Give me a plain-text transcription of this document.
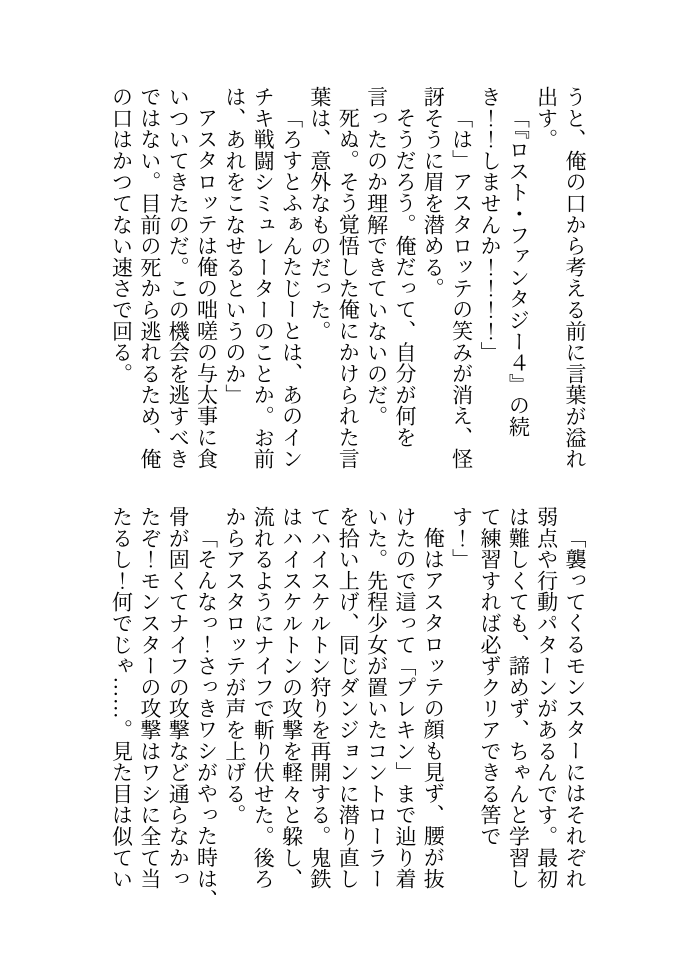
うと、俺の口から考える前に言葉が溢れ
出す。
「『ロスト・ファンタジー４』の続
き！！しませんか！！！！」
「は」アスタロッテの笑みが消え、怪
訝そうに眉を潜める。
そうだろう。俺だって、自分が何を
言ったのか理解できていないのだ。
死ぬ。そう覚悟した俺にかけられた言
葉は、意外なものだった。
「ろすとふぁんたじーとは、あのイン
チキ戦闘シミュレーターのことか。お前
は、あれをこなせるというのか」
アスタロッテは俺の咄嗟の与太事に食
いついてきたのだ。この機会を逃すべき
ではない。目前の死から逃れるため、俺
の口はかつてない速さで回る。
「襲ってくるモンスターにはそれぞれ
弱点や行動パターンがあるんです。最初
は難しくても、諦めず、ちゃんと学習し
て練習すれば必ずクリアできる筈で
す！」
俺はアスタロッテの顔も見ず、腰が抜
けたので這って「プレキン」まで辿り着
いた。先程少女が置いたコントローラー
を拾い上げ、同じダンジョンに潜り直し
てハイスケルトン狩りを再開する。鬼鉄
はハイスケルトンの攻撃を軽々と躱し、
流れるようにナイフで斬り伏せた。後ろ
からアスタロッテが声を上げる。
「そんなっ！さっきワシがやった時は、
骨が固くてナイフの攻撃など通らなかっ
たぞ！モンスターの攻撃はワシに全て当
たるし！何でじゃ……。見た目は似てい
